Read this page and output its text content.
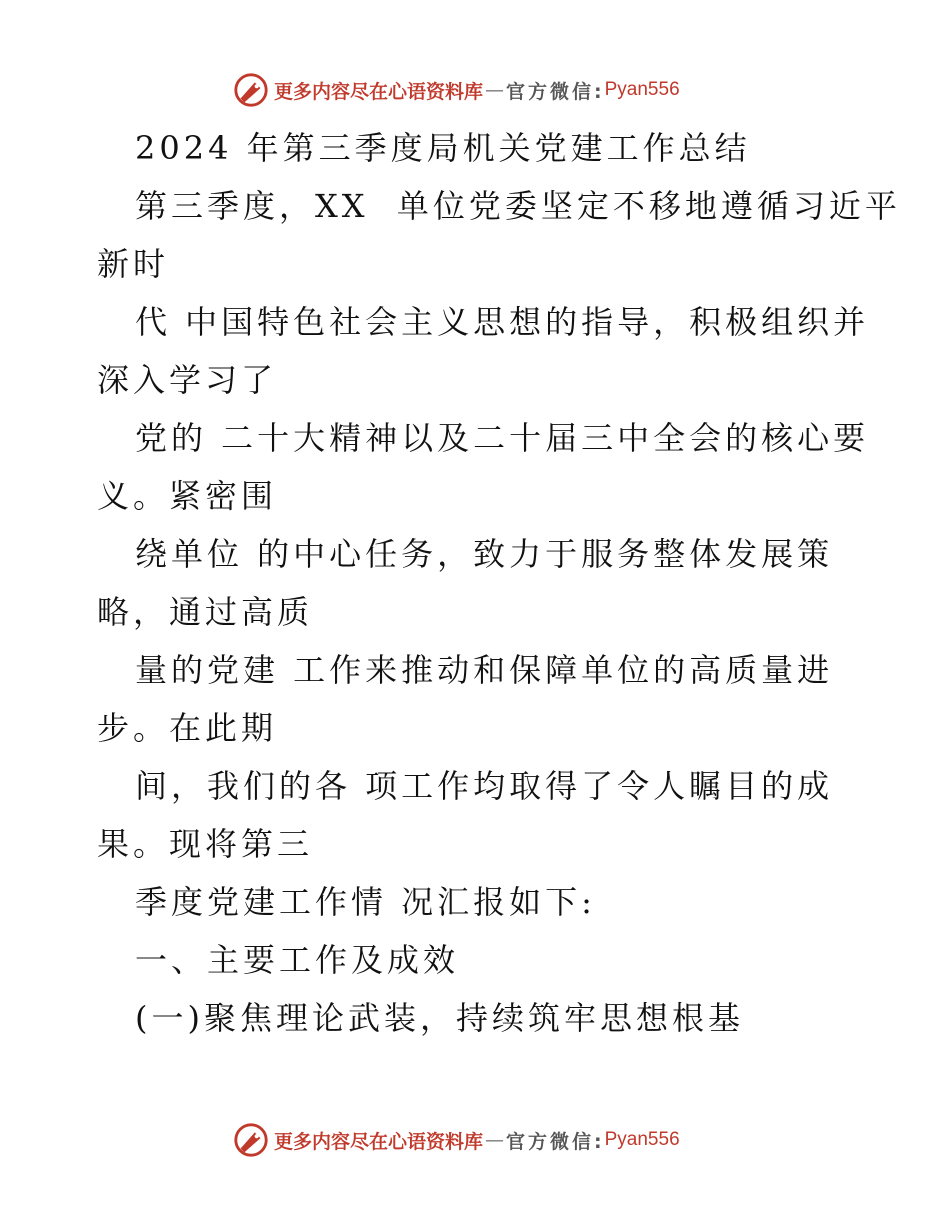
更多内容尽在心语资料库 — 官方微信: Pyan556
2024 年第三季度局机关党建工作总结
第三季度，XX  单位党委坚定不移地遵循习近平
新时
代 中国特色社会主义思想的指导，积极组织并
深入学习了
党的 二十大精神以及二十届三中全会的核心要
义。紧密围
绕单位 的中心任务，致力于服务整体发展策
略，通过高质
量的党建 工作来推动和保障单位的高质量进
步。在此期
间，我们的各 项工作均取得了令人瞩目的成
果。现将第三
季度党建工作情 况汇报如下:
一、主要工作及成效
(一)聚焦理论武装，持续筑牢思想根基
更多内容尽在心语资料库 — 官方微信: Pyan556
